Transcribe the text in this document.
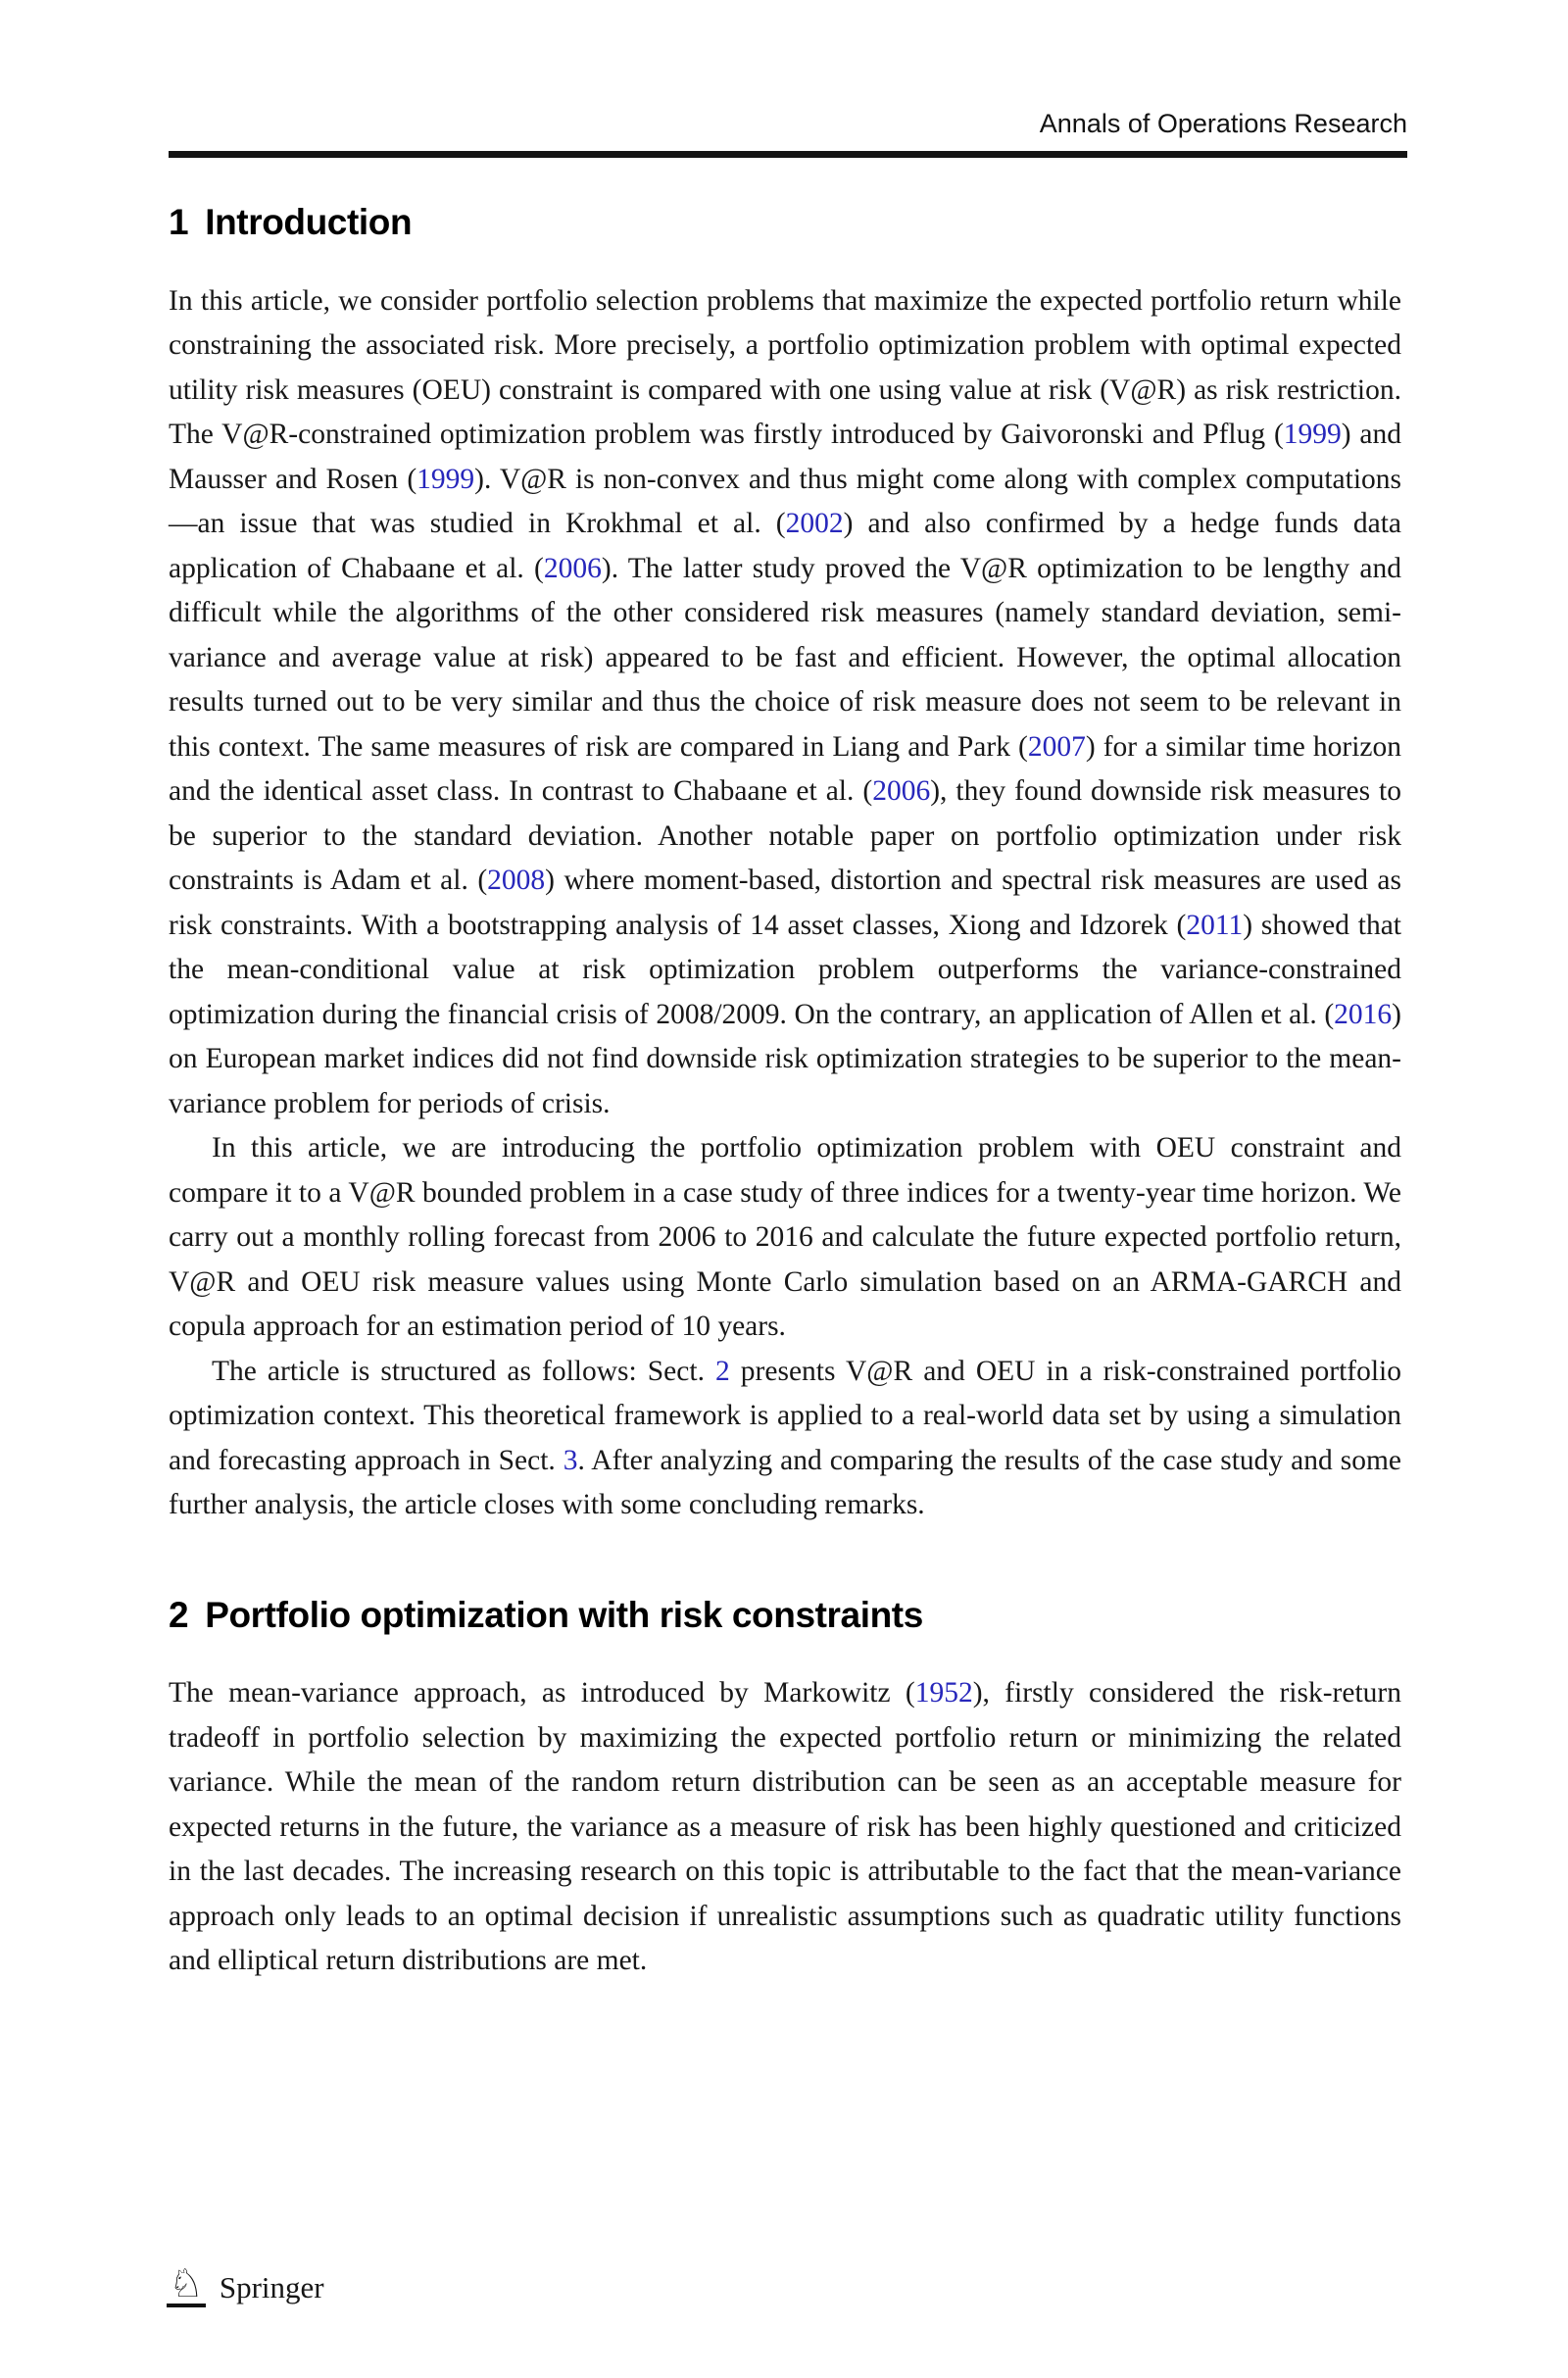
Annals of Operations Research
1 Introduction

In this article, we consider portfolio selection problems that maximize the expected portfolio return while constraining the associated risk. More precisely, a portfolio optimization problem with optimal expected utility risk measures (OEU) constraint is compared with one using value at risk (V@R) as risk restriction. The V@R-constrained optimization problem was firstly introduced by Gaivoronski and Pflug (1999) and Mausser and Rosen (1999). V@R is non-convex and thus might come along with complex computations—an issue that was studied in Krokhmal et al. (2002) and also confirmed by a hedge funds data application of Chabaane et al. (2006). The latter study proved the V@R optimization to be lengthy and difficult while the algorithms of the other considered risk measures (namely standard deviation, semi-variance and average value at risk) appeared to be fast and efficient. However, the optimal allocation results turned out to be very similar and thus the choice of risk measure does not seem to be relevant in this context. The same measures of risk are compared in Liang and Park (2007) for a similar time horizon and the identical asset class. In contrast to Chabaane et al. (2006), they found downside risk measures to be superior to the standard deviation. Another notable paper on portfolio optimization under risk constraints is Adam et al. (2008) where moment-based, distortion and spectral risk measures are used as risk constraints. With a bootstrapping analysis of 14 asset classes, Xiong and Idzorek (2011) showed that the mean-conditional value at risk optimization problem outperforms the variance-constrained optimization during the financial crisis of 2008/2009. On the contrary, an application of Allen et al. (2016) on European market indices did not find downside risk optimization strategies to be superior to the mean-variance problem for periods of crisis.

In this article, we are introducing the portfolio optimization problem with OEU constraint and compare it to a V@R bounded problem in a case study of three indices for a twenty-year time horizon. We carry out a monthly rolling forecast from 2006 to 2016 and calculate the future expected portfolio return, V@R and OEU risk measure values using Monte Carlo simulation based on an ARMA-GARCH and copula approach for an estimation period of 10 years.

The article is structured as follows: Sect. 2 presents V@R and OEU in a risk-constrained portfolio optimization context. This theoretical framework is applied to a real-world data set by using a simulation and forecasting approach in Sect. 3. After analyzing and comparing the results of the case study and some further analysis, the article closes with some concluding remarks.

2 Portfolio optimization with risk constraints

The mean-variance approach, as introduced by Markowitz (1952), firstly considered the risk-return tradeoff in portfolio selection by maximizing the expected portfolio return or minimizing the related variance. While the mean of the random return distribution can be seen as an acceptable measure for expected returns in the future, the variance as a measure of risk has been highly questioned and criticized in the last decades. The increasing research on this topic is attributable to the fact that the mean-variance approach only leads to an optimal decision if unrealistic assumptions such as quadratic utility functions and elliptical return distributions are met.

♘ Springer
